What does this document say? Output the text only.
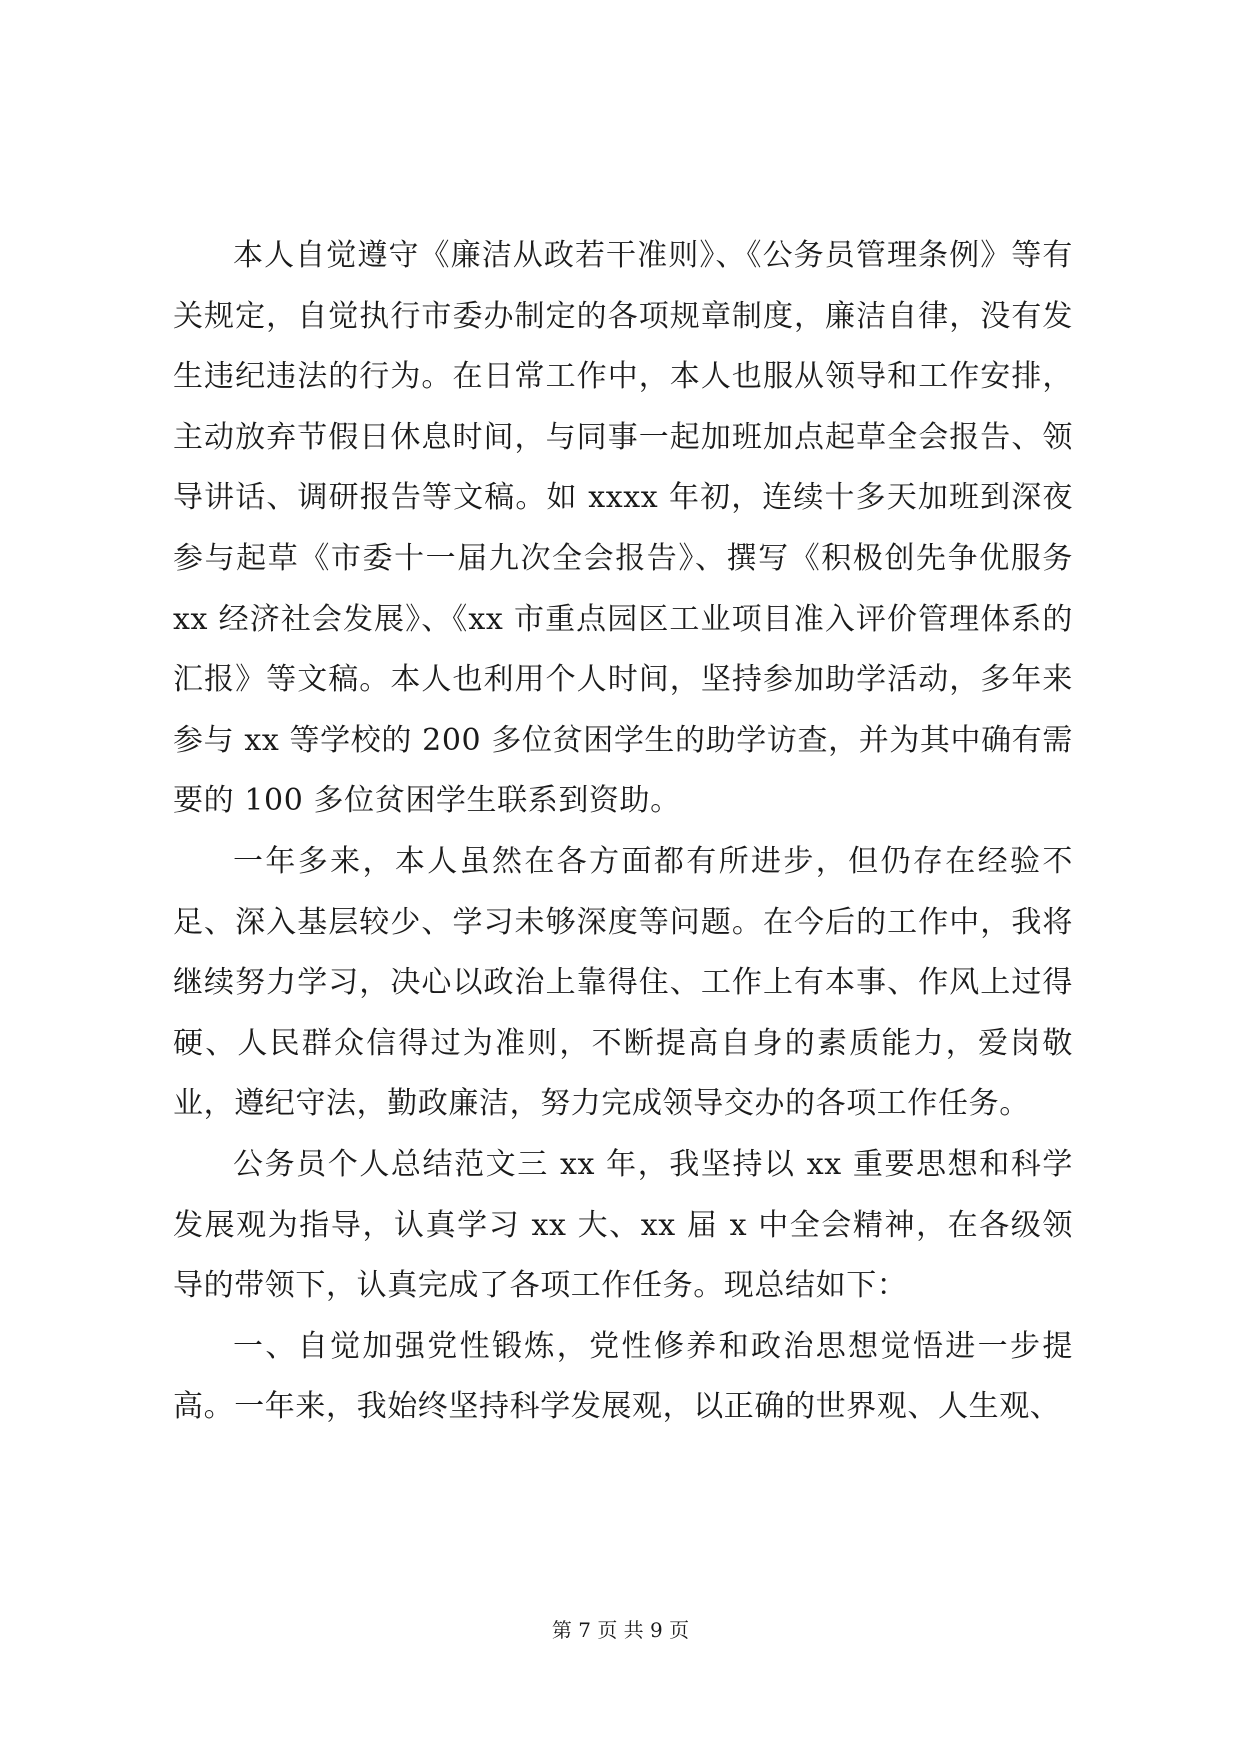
本人自觉遵守《廉洁从政若干准则》、《公务员管理条例》等有关规定，自觉执行市委办制定的各项规章制度，廉洁自律，没有发生违纪违法的行为。在日常工作中，本人也服从领导和工作安排，主动放弃节假日休息时间，与同事一起加班加点起草全会报告、领导讲话、调研报告等文稿。如 xxxx 年初，连续十多天加班到深夜参与起草《市委十一届九次全会报告》、撰写《积极创先争优服务 xx 经济社会发展》、《xx 市重点园区工业项目准入评价管理体系的汇报》等文稿。本人也利用个人时间，坚持参加助学活动，多年来参与 xx 等学校的 200 多位贫困学生的助学访查，并为其中确有需要的 100 多位贫困学生联系到资助。

一年多来，本人虽然在各方面都有所进步，但仍存在经验不足、深入基层较少、学习未够深度等问题。在今后的工作中，我将继续努力学习，决心以政治上靠得住、工作上有本事、作风上过得硬、人民群众信得过为准则，不断提高自身的素质能力，爱岗敬业，遵纪守法，勤政廉洁，努力完成领导交办的各项工作任务。

公务员个人总结范文三 xx 年，我坚持以 xx 重要思想和科学发展观为指导，认真学习 xx 大、xx 届 x 中全会精神，在各级领导的带领下，认真完成了各项工作任务。现总结如下：

一、自觉加强党性锻炼，党性修养和政治思想觉悟进一步提高。一年来，我始终坚持科学发展观，以正确的世界观、人生观、

第 7 页 共 9 页
